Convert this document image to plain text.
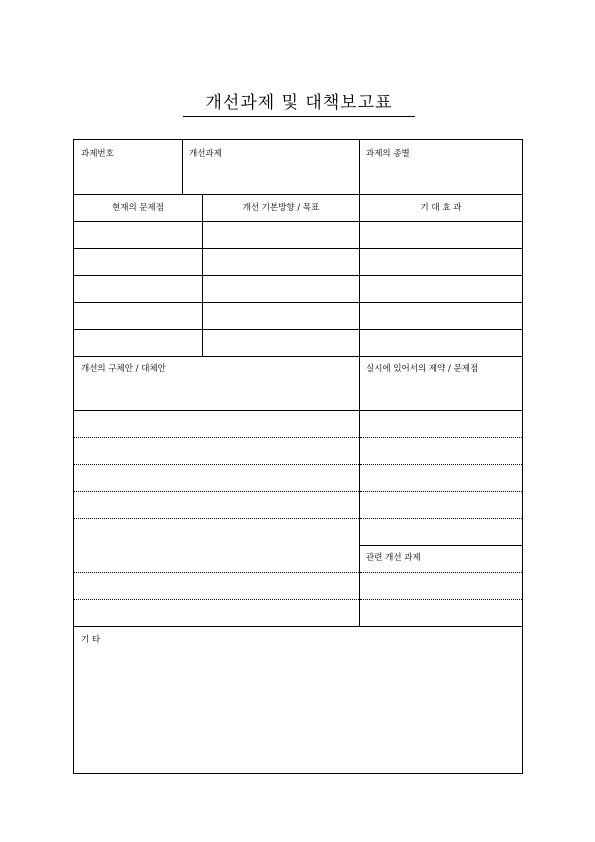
개선과제 및 대책보고표
과제번호	개선과제	과제의 종별
현재의 문제점	개선 기본방향 / 목표	기 대 효 과
개선의 구체안 / 대체안	실시에 있어서의 제약 / 문제점
관련 개선 과제
기 타
